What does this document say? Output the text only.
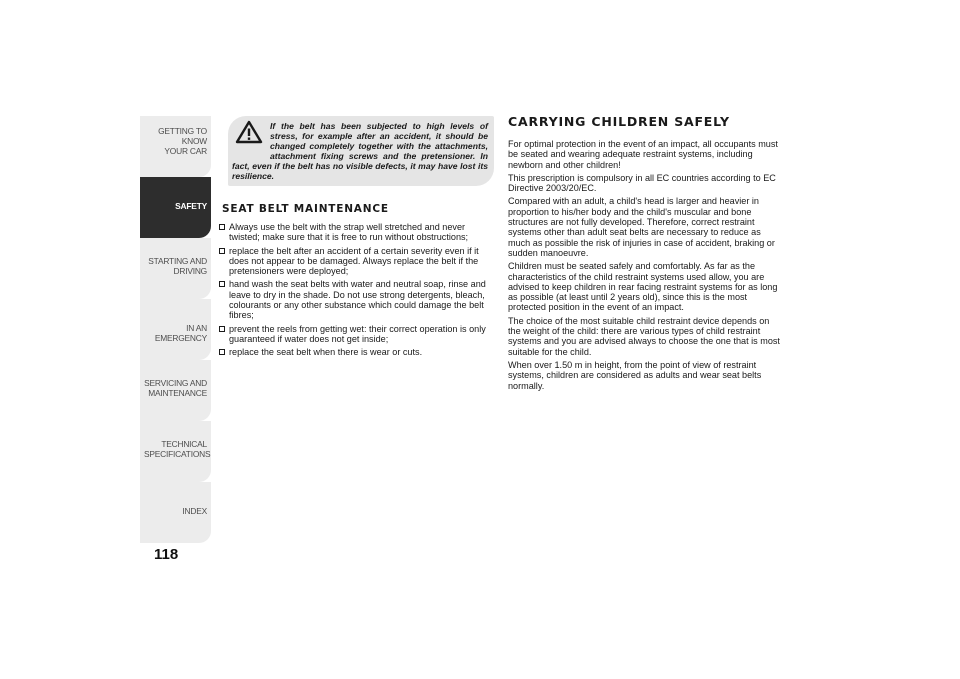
GETTING TO KNOW
YOUR CAR
SAFETY
STARTING AND
DRIVING
IN AN EMERGENCY
SERVICING AND
MAINTENANCE
TECHNICAL
SPECIFICATIONS
INDEX
118

If the belt has been subjected to high levels of stress, for example after an accident, it should be changed completely together with the attachments, attachment fixing screws and the pretensioner. In fact, even if the belt has no visible defects, it may have lost its resilience.

SEAT BELT MAINTENANCE
Always use the belt with the strap well stretched and never twisted; make sure that it is free to run without obstructions;
replace the belt after an accident of a certain severity even if it does not appear to be damaged. Always replace the belt if the pretensioners were deployed;
hand wash the seat belts with water and neutral soap, rinse and leave to dry in the shade. Do not use strong detergents, bleach, colourants or any other substance which could damage the belt fibres;
prevent the reels from getting wet: their correct operation is only guaranteed if water does not get inside;
replace the seat belt when there is wear or cuts.
CARRYING CHILDREN SAFELY

For optimal protection in the event of an impact, all occupants must be seated and wearing adequate restraint systems, including newborn and other children!

This prescription is compulsory in all EC countries according to EC Directive 2003/20/EC.

Compared with an adult, a child's head is larger and heavier in proportion to his/her body and the child's muscular and bone structures are not fully developed. Therefore, correct restraint systems other than adult seat belts are necessary to reduce as much as possible the risk of injuries in case of accident, braking or sudden manoeuvre.

Children must be seated safely and comfortably. As far as the characteristics of the child restraint systems used allow, you are advised to keep children in rear facing restraint systems for as long as possible (at least until 2 years old), since this is the most protected position in the event of an impact.

The choice of the most suitable child restraint device depends on the weight of the child: there are various types of child restraint systems and you are advised always to choose the one that is most suitable for the child.

When over 1.50 m in height, from the point of view of restraint systems, children are considered as adults and wear seat belts normally.
